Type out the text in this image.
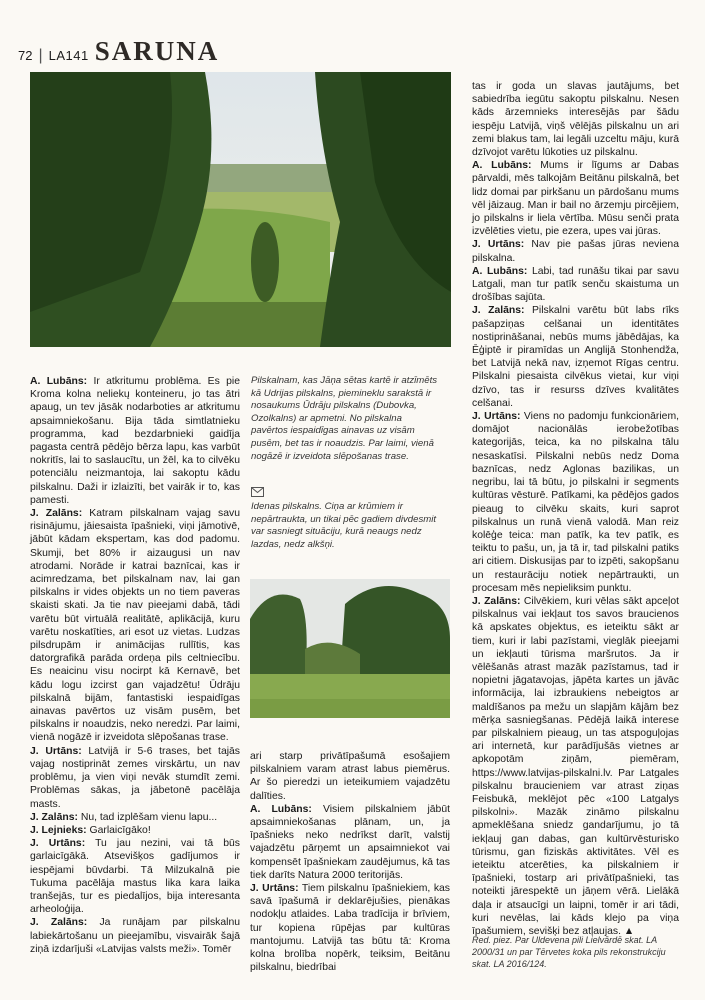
72 | LA141 SARUNA
Pilskalnam, kas Jāņa sētas kartē ir atzīmēts kā Udrijas pilskalns, piemineklu sarakstā ir nosaukums Ūdrāju pilskalns (Dubovka, Ozolkalns) ar apmetni. No pilskalna pavērtos iespaidīgas ainavas uz visām pusēm, bet tas ir noaudzis. Par laimi, vienā nogāzē ir izveidota slēpošanas trase.
Idenas pilskalns. Ciņa ar krūmiem ir nepārtraukta, un tikai pēc gadiem divdesmit var sasniegt situāciju, kurā neaugs nedz lazdas, nedz alkšņi.

A. Lubāns: Ir atkritumu problēma. Es pie Kroma kolna neliekų konteineru, jo tas ātri apaug, un tev jāsāk nodarboties ar atkritumu apsaimniekošanu. Bija tāda simtlatnieku programma, kad bezdarbnieki gaidīja pagasta centrā pēdējo bērza lapu, kas varbūt nokritīs, lai to saslaucītu, un žēl, ka to cilvēku potenciālu neizmantoja, lai sakoptu kādu pilskalnu. Daži ir izlaizīti, bet vairāk ir to, kas pamesti.

J. Zalāns: Katram pilskalnam vajag savu risinājumu, jāiesaista īpašnieki, viņi jāmotivē, jābūt kādam ekspertam, kas dod padomu. Skumji, bet 80% ir aizaugusi un nav atrodami. Norāde ir katrai baznīcai, kas ir acimredzama, bet pilskalnam nav, lai gan pilskalns ir vides objekts un no tiem paveras skaisti skati. Ja tie nav pieejami dabā, tādi varētu būt virtuālā realitātē, aplikācijā, kuru varētu noskatīties, ari esot uz vietas. Ludzas pilsdrupām ir animācijas rullītis, kas datorgrafikā parāda ordeņa pils celtniecību. Es neaicinu visu nocirpt kā Kernavē, bet kādu logu izcirst gan vajadzētu! Ūdrāju pilskalnā bijām, fantastiski iespaidīgas ainavas pavērtos uz visām pusēm, bet pilskalns ir noaudzis, neko neredzi. Par laimi, vienā nogāzē ir izveidota slēpošanas trase.

J. Urtāns: Latvijā ir 5-6 trases, bet tajās vajag nostiprināt zemes virskārtu, un nav problēmu, ja vien viņi nevāk stumdīt zemi. Problēmas sākas, ja jābetonē pacēlāja masts.

J. Zalāns: Nu, tad izplēšam vienu lapu...

J. Lejnieks: Garlaicīgāko!

J. Urtāns: Tu jau nezini, vai tā būs garlaicīgākā. Atsevišķos gadījumos ir iespējami būvdarbi. Tā Milzukalnā pie Tukuma pacēlāja mastus lika kara laika tranšejās, tur es piedalījos, bija interesanta arheoloģija.

J. Zalāns: Ja runājam par pilskalnu labiekārtošanu un pieejamību, visvairāk šajā ziņā izdarījuši «Latvijas valsts meži». Tomēr

ari starp privātīpašumā esošajiem pilskalniem varam atrast labus piemērus. Ar šo pieredzi un ieteikumiem vajadzētu dalīties.

A. Lubāns: Visiem pilskalniem jābūt apsaimniekošanas plānam, un, ja īpašnieks neko nedrīkst darīt, valstij vajadzētu pārņemt un apsaimniekot vai kompensēt īpašniekam zaudējumus, kā tas tiek darīts Natura 2000 teritorijās.

J. Urtāns: Tiem pilskalnu īpašniekiem, kas savā īpašumā ir deklarējušies, pienākas nodokļu atlaides. Laba tradīcija ir brīviem, tur kopiena rūpējas par kultūras mantojumu. Latvijā tas būtu tā: Kroma kolna brolība nopērk, teiksim, Beitānu pilskalnu, biedrībai

tas ir goda un slavas jautājums, bet sabiedrība iegūtu sakoptu pilskalnu. Nesen kāds ārzemnieks interesējās par šādu iespēju Latvijā, viņš vēlējās pilskalnu un ari zemi blakus tam, lai legāli uzceltu māju, kurā dzīvojot varētu lūkoties uz pilskalnu.

A. Lubāns: Mums ir līgums ar Dabas pārvaldi, mēs talkojām Beitānu pilskalnā, bet lidz domai par pirkšanu un pārdošanu mums vēl jāizaug. Man ir bail no ārzemju pircējiem, jo pilskalns ir liela vērtība. Mūsu senči prata izvēlēties vietu, pie ezera, upes vai jūras.

J. Urtāns: Nav pie pašas jūras neviena pilskalna.

A. Lubāns: Labi, tad runāšu tikai par savu Latgali, man tur patīk senču skaistuma un drošības sajūta.

J. Zalāns: Pilskalni varētu būt labs rīks pašapziņas celšanai un identitātes nostiprināšanai, nebūs mums jābēdājas, ka Ēģiptē ir piramīdas un Anglijā Stonhendža, bet Latvijā nekā nav, izņemot Rīgas centru. Pilskalni piesaista cilvēkus vietai, kur viņi dzīvo, tas ir resurss dzīves kvalitātes celšanai.

J. Urtāns: Viens no padomju funkcionāriem, domājot nacionālās ierobežotības kategorijās, teica, ka no pilskalna tālu nesaskatīsi. Pilskalni nebūs nedz Doma baznīcas, nedz Aglonas bazilikas, un negribu, lai tā būtu, jo pilskalni ir segments kultūras vēsturē. Patīkami, ka pēdējos gados pieaug to cilvēku skaits, kuri saprot pilskalnus un runā vienā valodā. Man reiz kolēģe teica: man patīk, ka tev patīk, es teiktu to pašu, un, ja tā ir, tad pilskalni patiks ari citiem. Diskusijas par to izpēti, sakopšanu un restaurāciju notiek nepārtraukti, un procesam mēs nepieliksim punktu.

J. Zalāns: Cilvēkiem, kuri vēlas sākt apceļot pilskalnus vai iekļaut tos savos braucienos kā apskates objektus, es ieteiktu sākt ar tiem, kuri ir labi pazīstami, vieglāk pieejami un iekļauti tūrisma maršrutos. Ja ir vēlēšanās atrast mazāk pazīstamus, tad ir nopietni jāgatavojas, jāpēta kartes un jāvāc informācija, lai izbraukiens nebeigtos ar maldīšanos pa mežu un slapjām kājām bez mērķa sasniegšanas. Pēdējā laikā interese par pilskalniem pieaug, un tas atspoguļojas ari internetā, kur parādījušās vietnes ar apkopotām ziņām, piemēram, https://www.latvijas-pilskalni.lv. Par Latgales pilskalnu braucieniem var atrast ziņas Feisbukā, meklējot pēc «100 Latgalys pilskolni». Mazāk zināmo pilskalnu apmeklēšana sniedz gandarījumu, jo tā iekļauj gan dabas, gan kultūrvēsturisko tūrismu, gan fiziskās aktivitātes. Vēl es ieteiktu atcerēties, ka pilskalniem ir īpašnieki, tostarp ari privātīpašnieki, tas noteikti jārespektē un jāņem vērā. Lielākā daļa ir atsaucīgi un laipni, tomēr ir ari tādi, kuri nevēlas, lai kāds klejo pa viņa īpašumiem, sevišķi bez atļaujas. ▲

Red. piez. Par Uldevena pili Lielvārdē skat. LA 2000/31 un par Tērvetes koka pils rekonstrukciju skat. LA 2016/124.
